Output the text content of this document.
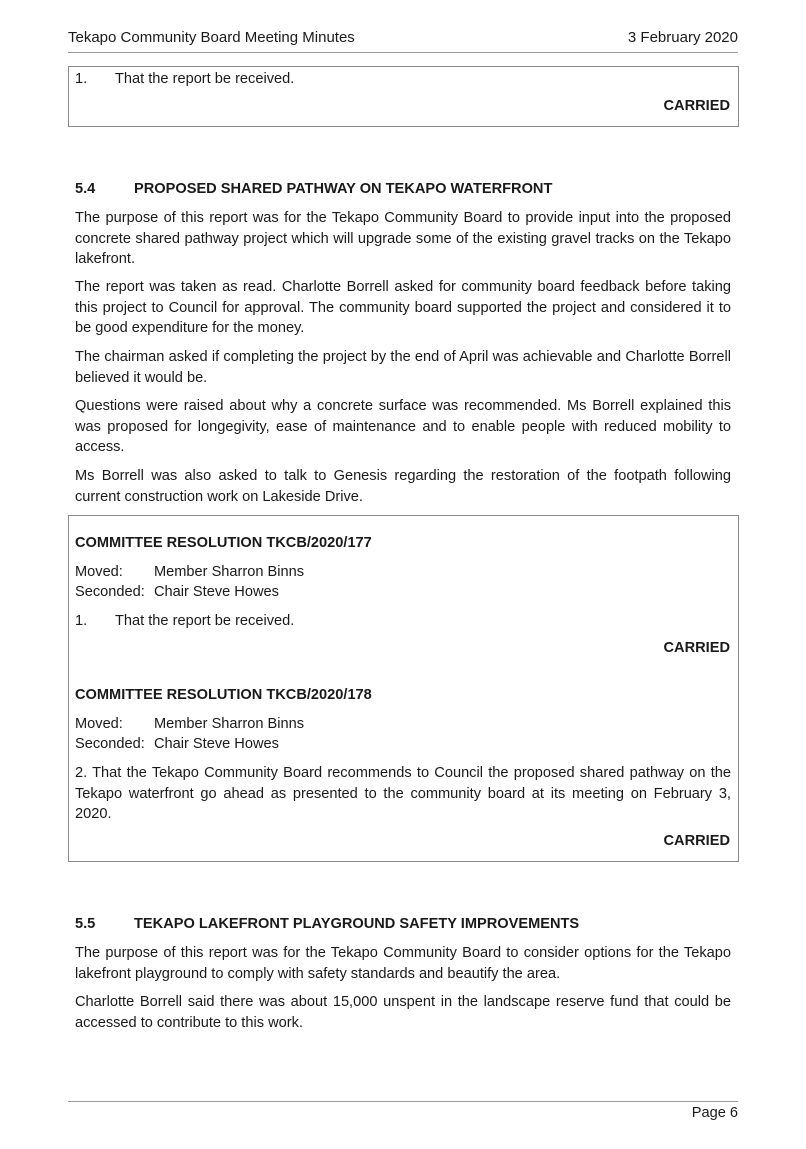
Tekapo Community Board Meeting Minutes	3 February 2020
1. That the report be received.
CARRIED
5.4	PROPOSED SHARED PATHWAY ON TEKAPO WATERFRONT
The purpose of this report was for the Tekapo Community Board to provide input into the proposed concrete shared pathway project which will upgrade some of the existing gravel tracks on the Tekapo lakefront.
The report was taken as read. Charlotte Borrell asked for community board feedback before taking this project to Council for approval. The community board supported the project and considered it to be good expenditure for the money.
The chairman asked if completing the project by the end of April was achievable and Charlotte Borrell believed it would be.
Questions were raised about why a concrete surface was recommended. Ms Borrell explained this was proposed for longegivity, ease of maintenance and to enable people with reduced mobility to access.
Ms Borrell was also asked to talk to Genesis regarding the restoration of the footpath following current construction work on Lakeside Drive.
COMMITTEE RESOLUTION TKCB/2020/177
Moved: Member Sharron Binns
Seconded: Chair Steve Howes
1. That the report be received.
CARRIED
COMMITTEE RESOLUTION TKCB/2020/178
Moved: Member Sharron Binns
Seconded: Chair Steve Howes
2. That the Tekapo Community Board recommends to Council the proposed shared pathway on the Tekapo waterfront go ahead as presented to the community board at its meeting on February 3, 2020.
CARRIED
5.5	TEKAPO LAKEFRONT PLAYGROUND SAFETY IMPROVEMENTS
The purpose of this report was for the Tekapo Community Board to consider options for the Tekapo lakefront playground to comply with safety standards and beautify the area.
Charlotte Borrell said there was about 15,000 unspent in the landscape reserve fund that could be accessed to contribute to this work.
Page 6
